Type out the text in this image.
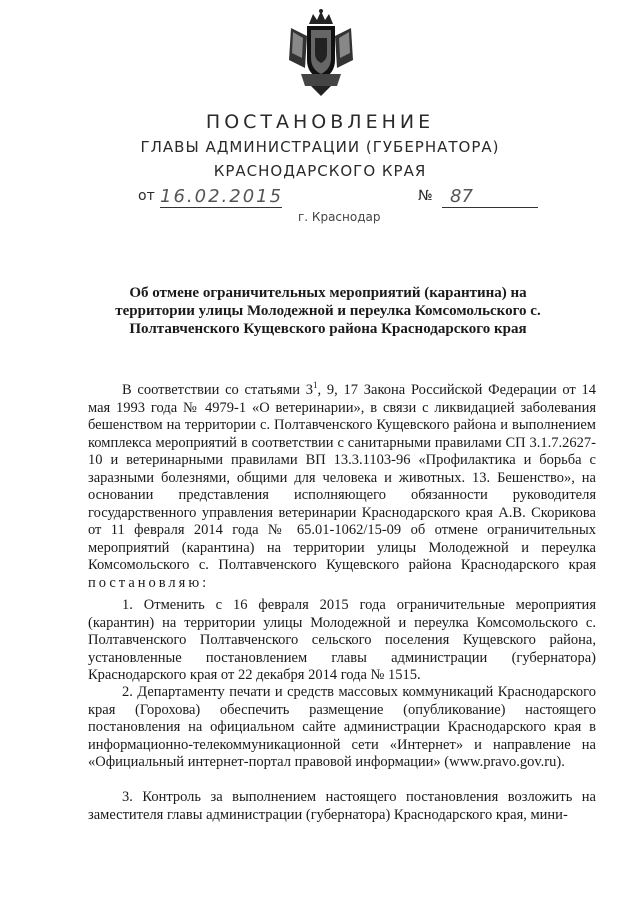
ПОСТАНОВЛЕНИЕ
ГЛАВЫ АДМИНИСТРАЦИИ (ГУБЕРНАТОРА)
КРАСНОДАРСКОГО КРАЯ
от 16.02.2015	№ 87
г. Краснодар
Об отмене ограничительных мероприятий (карантина) на территории улицы Молодежной и переулка Комсомольского с. Полтавченского Кущевского района Краснодарского края
В соответствии со статьями $3^1$, 9, 17 Закона Российской Федерации от 14 мая 1993 года № 4979-1 «О ветеринарии», в связи с ликвидацией заболевания бешенством на территории с. Полтавченского Кущевского района и выполнением комплекса мероприятий в соответствии с санитарными правилами СП 3.1.7.2627-10 и ветеринарными правилами ВП 13.3.1103-96 «Профилактика и борьба с заразными болезнями, общими для человека и животных. 13. Бешенство», на основании представления исполняющего обязанности руководителя государственного управления ветеринарии Краснодарского края А.В. Скорикова от 11 февраля 2014 года № 65.01-1062/15-09 об отмене ограничительных мероприятий (карантина) на территории улицы Молодежной и переулка Комсомольского с. Полтавченского Кущевского района Краснодарского края постановляю:
1. Отменить с 16 февраля 2015 года ограничительные мероприятия (карантин) на территории улицы Молодежной и переулка Комсомольского с. Полтавченского Полтавченского сельского поселения Кущевского района, установленные постановлением главы администрации (губернатора) Краснодарского края от 22 декабря 2014 года № 1515.
2. Департаменту печати и средств массовых коммуникаций Краснодарского края (Горохова) обеспечить размещение (опубликование) настоящего постановления на официальном сайте администрации Краснодарского края в информационно-телекоммуникационной сети «Интернет» и направление на «Официальный интернет-портал правовой информации» (www.pravo.gov.ru).
3. Контроль за выполнением настоящего постановления возложить на заместителя главы администрации (губернатора) Краснодарского края, мини-
